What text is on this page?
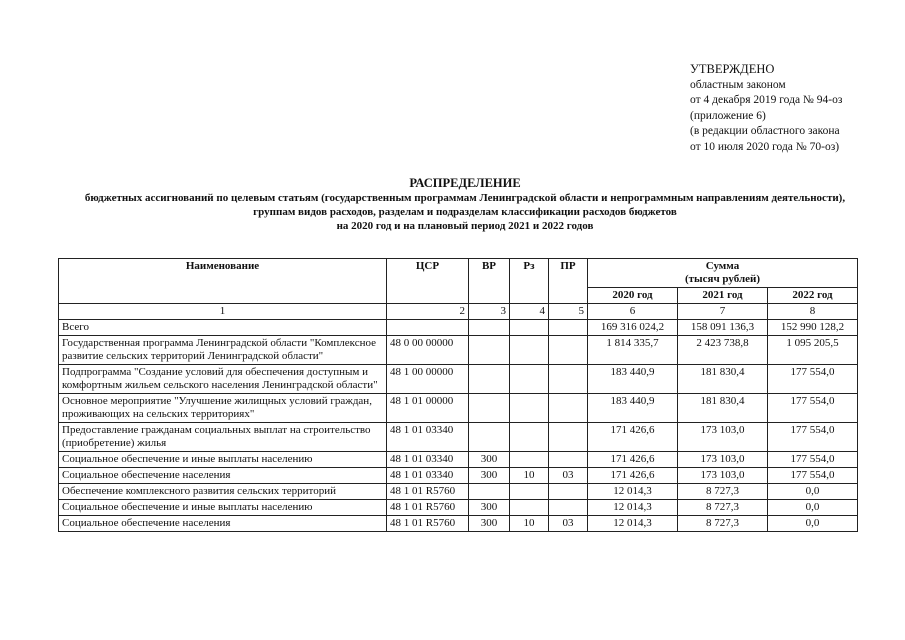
УТВЕРЖДЕНО
областным законом
от 4 декабря 2019 года № 94-оз
(приложение 6)
(в редакции областного закона
от 10 июля 2020 года № 70-оз)
РАСПРЕДЕЛЕНИЕ
бюджетных ассигнований по целевым статьям (государственным программам Ленинградской области и непрограммным направлениям деятельности),
группам видов расходов, разделам и подразделам классификации расходов бюджетов
на 2020 год и на плановый период 2021 и 2022 годов
Наименование	ЦСР	ВР	Рз	ПР	Сумма
(тысяч рублей)		

					2020 год	2021 год	2022 год
1	2	3	4	5	6	7	8
Всего					169 316 024,2	158 091 136,3	152 990 128,2
Государственная программа Ленинградской области "Комплексное развитие сельских территорий Ленинградской области"	48 0 00 00000				1 814 335,7	2 423 738,8	1 095 205,5
Подпрограмма "Создание условий для обеспечения доступным и комфортным жильем сельского населения Ленинградской области"	48 1 00 00000				183 440,9	181 830,4	177 554,0
Основное мероприятие "Улучшение жилищных условий граждан, проживающих на сельских территориях"	48 1 01 00000				183 440,9	181 830,4	177 554,0
Предоставление гражданам социальных выплат на строительство (приобретение) жилья	48 1 01 03340				171 426,6	173 103,0	177 554,0
Социальное обеспечение и иные выплаты населению	48 1 01 03340	300			171 426,6	173 103,0	177 554,0
Социальное обеспечение населения	48 1 01 03340	300	10	03	171 426,6	173 103,0	177 554,0
Обеспечение комплексного развития сельских территорий	48 1 01 R5760				12 014,3	8 727,3	0,0
Социальное обеспечение и иные выплаты населению	48 1 01 R5760	300			12 014,3	8 727,3	0,0
Социальное обеспечение населения	48 1 01 R5760	300	10	03	12 014,3	8 727,3	0,0
